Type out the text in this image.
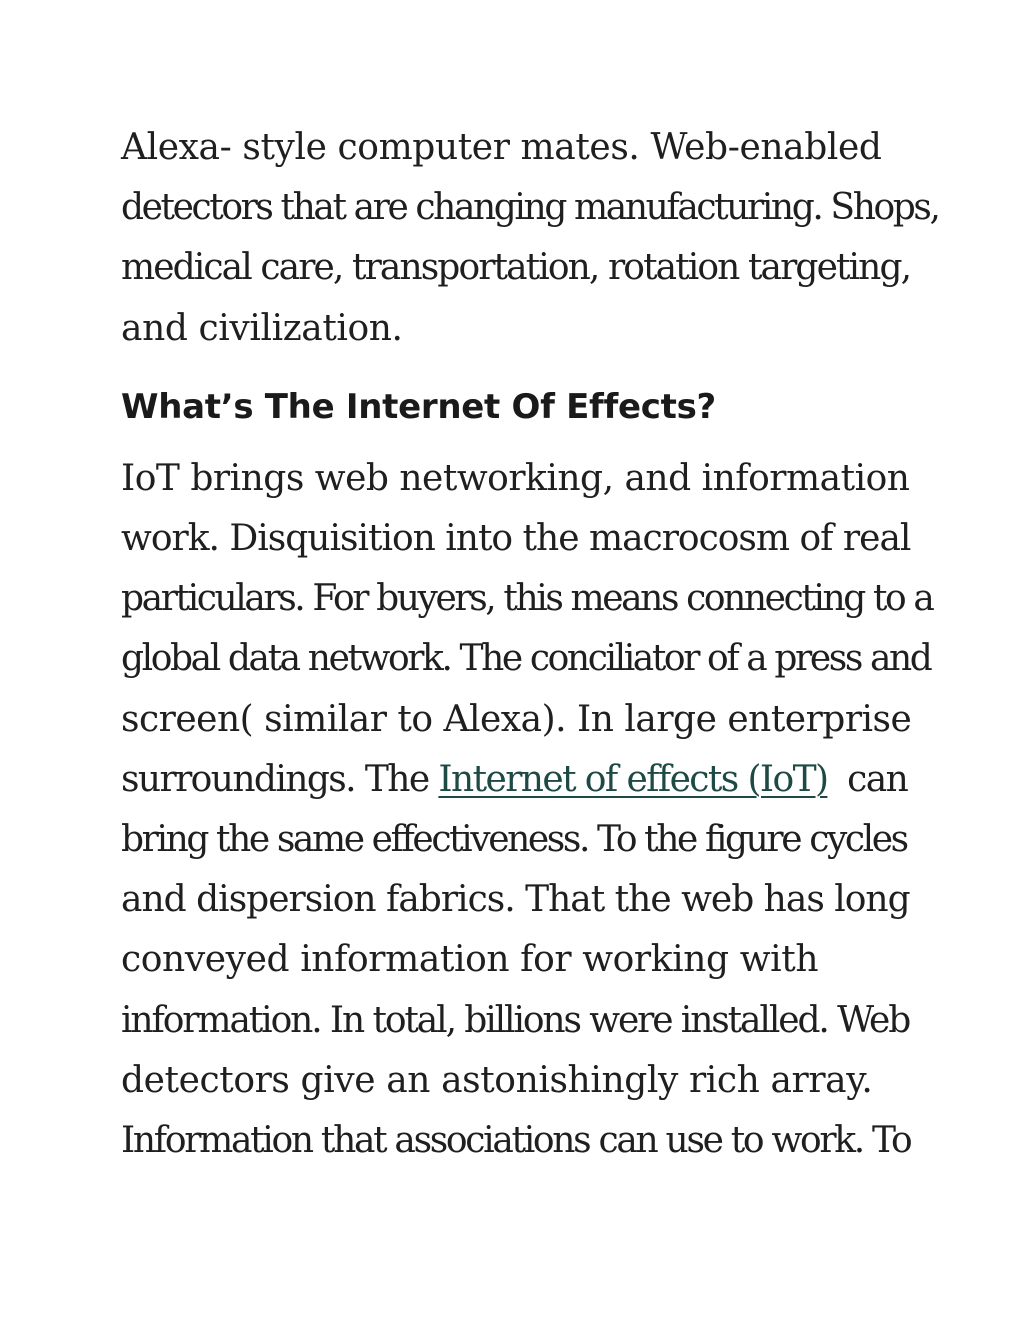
Alexa- style computer mates. Web-enabled
detectors that are changing manufacturing. Shops,
medical care, transportation, rotation targeting,
and civilization.

What’s The Internet Of Effects?

IoT brings web networking, and information
work. Disquisition into the macrocosm of real
particulars. For buyers, this means connecting to a
global data network. The conciliator of a press and
screen( similar to Alexa). In large enterprise
surroundings. The Internet of effects (IoT)  can
bring the same effectiveness. To the figure cycles
and dispersion fabrics. That the web has long
conveyed information for working with
information. In total, billions were installed. Web
detectors give an astonishingly rich array.
Information that associations can use to work. To
